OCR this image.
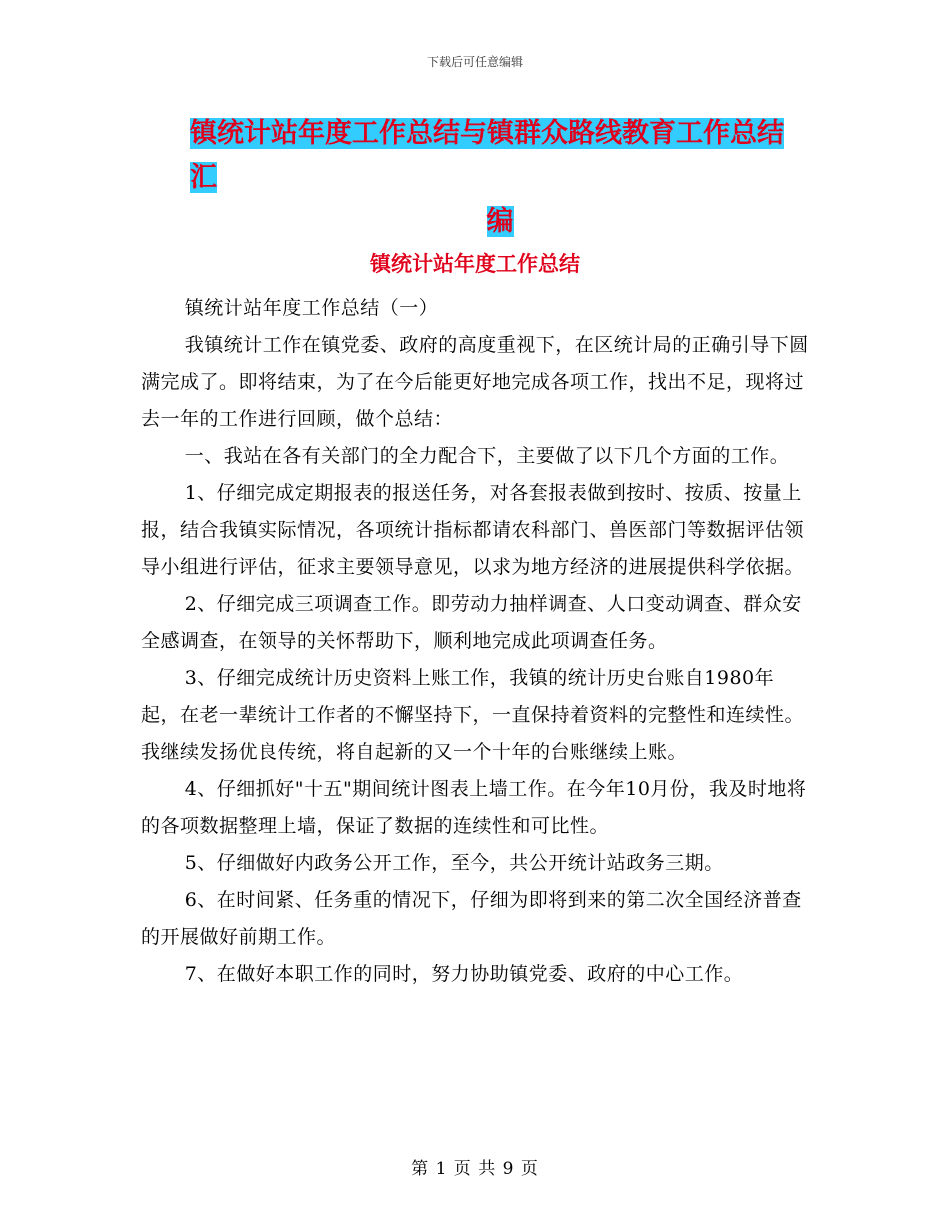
下载后可任意编辑
镇统计站年度工作总结与镇群众路线教育工作总结汇
编
镇统计站年度工作总结

镇统计站年度工作总结（一）

我镇统计工作在镇党委、政府的高度重视下，在区统计局的正确引导下圆满完成了。即将结束，为了在今后能更好地完成各项工作，找出不足，现将过去一年的工作进行回顾，做个总结：

一、我站在各有关部门的全力配合下，主要做了以下几个方面的工作。

1、仔细完成定期报表的报送任务，对各套报表做到按时、按质、按量上报，结合我镇实际情况，各项统计指标都请农科部门、兽医部门等数据评估领导小组进行评估，征求主要领导意见，以求为地方经济的进展提供科学依据。

2、仔细完成三项调查工作。即劳动力抽样调查、人口变动调查、群众安全感调查，在领导的关怀帮助下，顺利地完成此项调查任务。

3、仔细完成统计历史资料上账工作，我镇的统计历史台账自1980年起，在老一辈统计工作者的不懈坚持下，一直保持着资料的完整性和连续性。我继续发扬优良传统，将自起新的又一个十年的台账继续上账。

4、仔细抓好"十五"期间统计图表上墙工作。在今年10月份，我及时地将的各项数据整理上墙，保证了数据的连续性和可比性。

5、仔细做好内政务公开工作，至今，共公开统计站政务三期。

6、在时间紧、任务重的情况下，仔细为即将到来的第二次全国经济普查的开展做好前期工作。

7、在做好本职工作的同时，努力协助镇党委、政府的中心工作。

第 1 页 共 9 页
